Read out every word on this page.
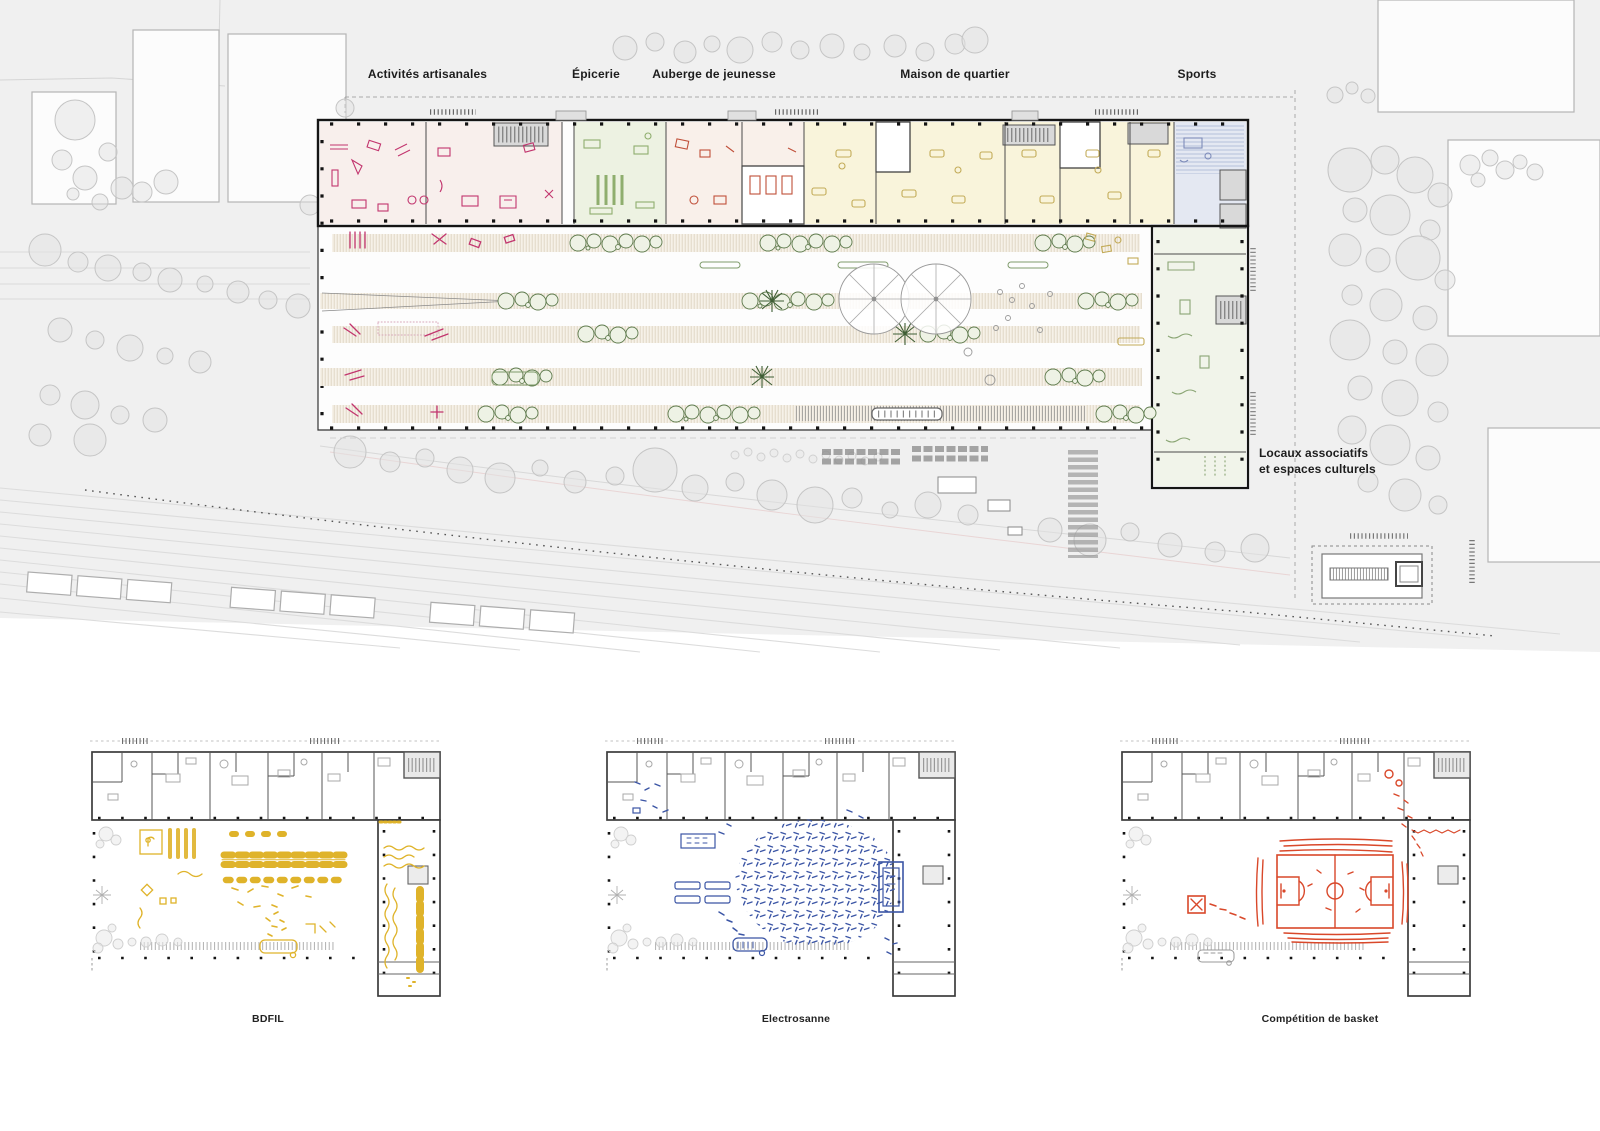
Activités artisanales	Épicerie	Auberge de jeunesse	Maison de quartier	Sports
Locaux associatifs
et espaces culturels
BDFIL	Electrosanne	Compétition de basket
